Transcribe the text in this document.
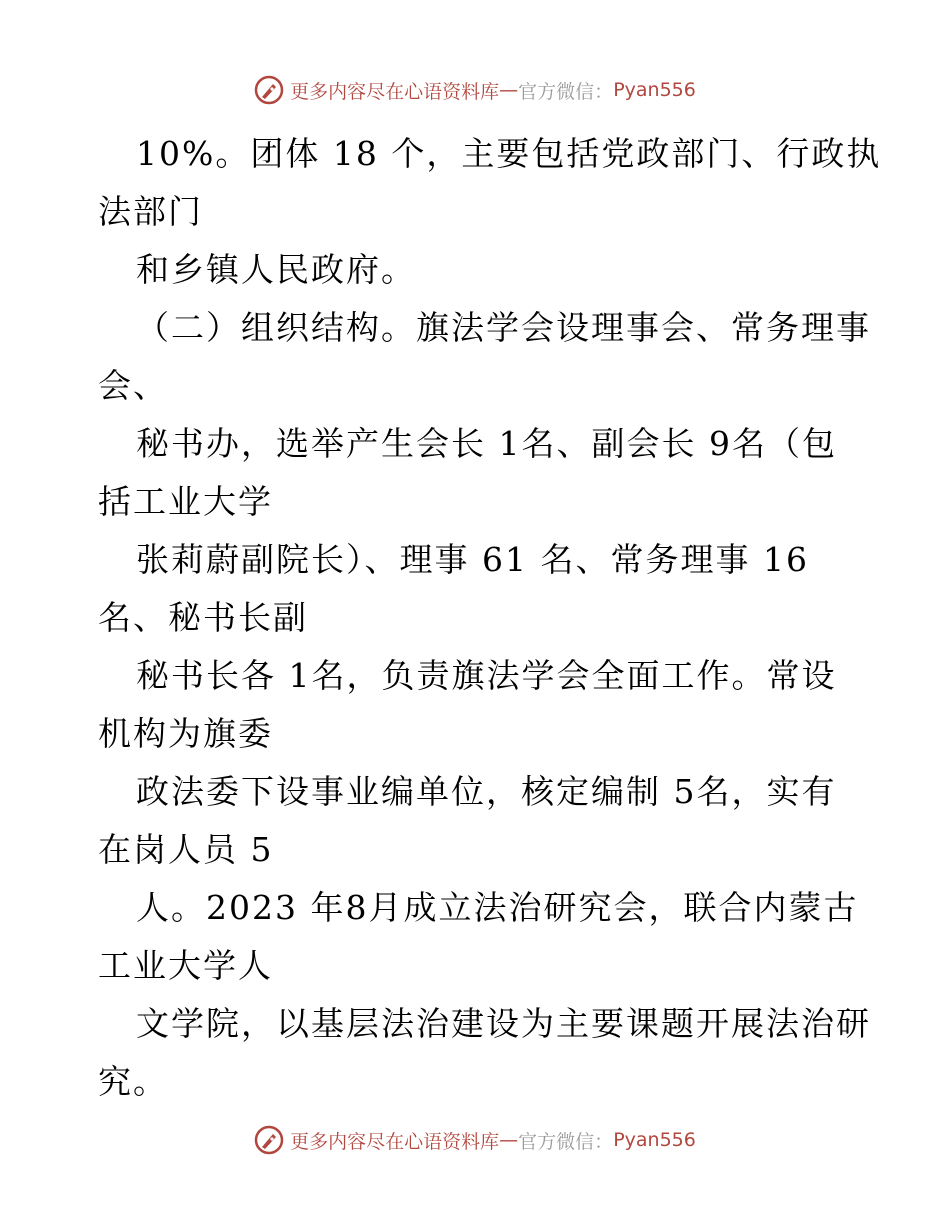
更多内容尽在心语资料库 — 官方微信： Pyan556
10%。团体 18 个，主要包括党政部门、行政执
法部门
和乡镇人民政府。
（二）组织结构。旗法学会设理事会、常务理事
会、
秘书办，选举产生会长 1名、副会长 9名（包
括工业大学
张莉蔚副院长）、理事 61 名、常务理事 16
名、秘书长副
秘书长各 1名，负责旗法学会全面工作。常设
机构为旗委
政法委下设事业编单位，核定编制 5名，实有
在岗人员 5
人。2023 年8月成立法治研究会，联合内蒙古
工业大学人
文学院，以基层法治建设为主要课题开展法治研
究。
更多内容尽在心语资料库 — 官方微信： Pyan556
